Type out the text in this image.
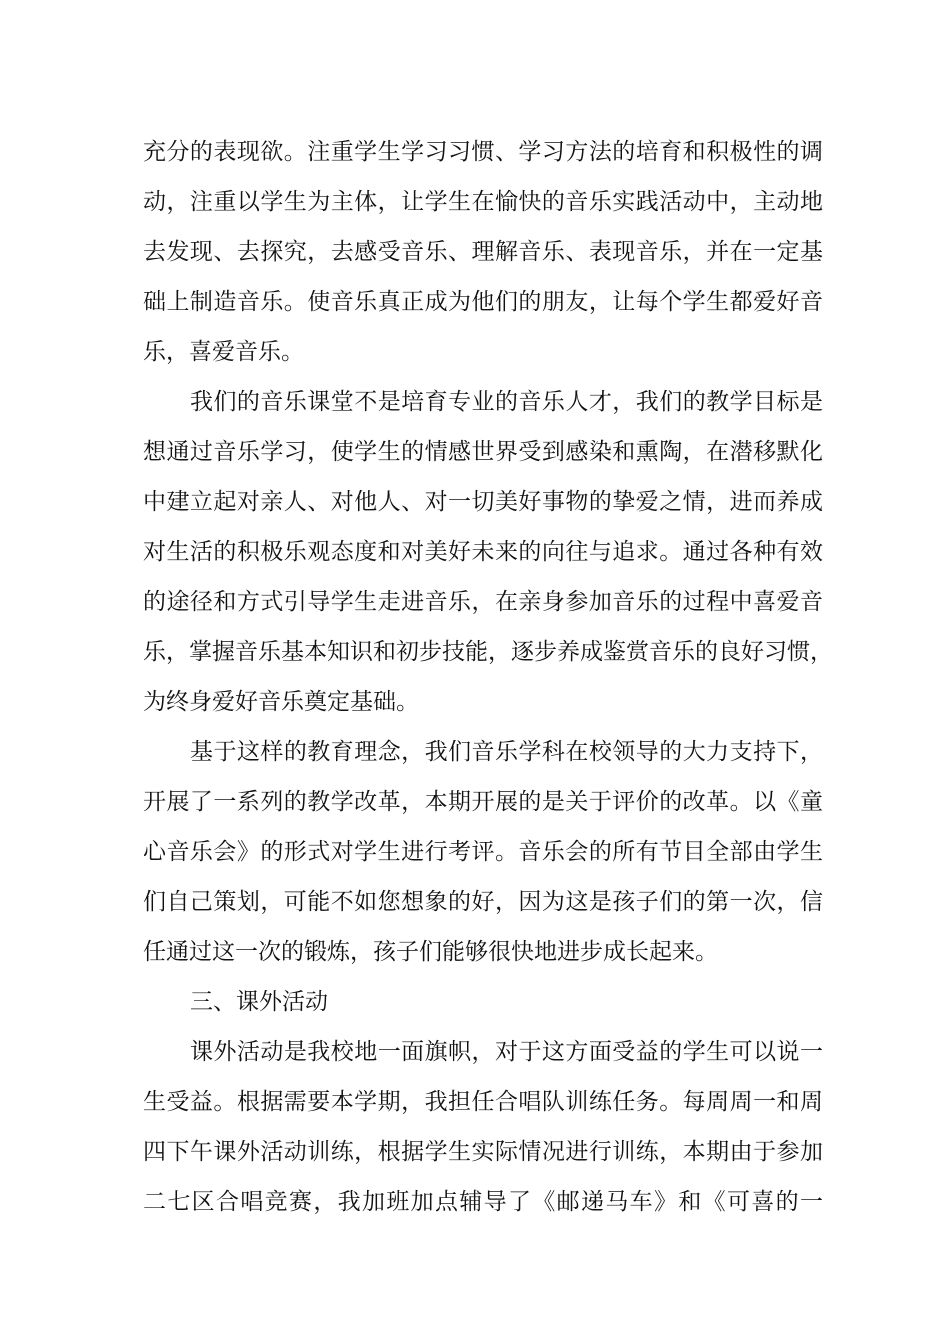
充分的表现欲。注重学生学习习惯、学习方法的培育和积极性的调
动，注重以学生为主体，让学生在愉快的音乐实践活动中，主动地
去发现、去探究，去感受音乐、理解音乐、表现音乐，并在一定基
础上制造音乐。使音乐真正成为他们的朋友，让每个学生都爱好音
乐，喜爱音乐。
我们的音乐课堂不是培育专业的音乐人才，我们的教学目标是
想通过音乐学习，使学生的情感世界受到感染和熏陶，在潜移默化
中建立起对亲人、对他人、对一切美好事物的挚爱之情，进而养成
对生活的积极乐观态度和对美好未来的向往与追求。通过各种有效
的途径和方式引导学生走进音乐，在亲身参加音乐的过程中喜爱音
乐，掌握音乐基本知识和初步技能，逐步养成鉴赏音乐的良好习惯，
为终身爱好音乐奠定基础。
基于这样的教育理念，我们音乐学科在校领导的大力支持下，
开展了一系列的教学改革，本期开展的是关于评价的改革。以《童
心音乐会》的形式对学生进行考评。音乐会的所有节目全部由学生
们自己策划，可能不如您想象的好，因为这是孩子们的第一次，信
任通过这一次的锻炼，孩子们能够很快地进步成长起来。
三、课外活动
课外活动是我校地一面旗帜，对于这方面受益的学生可以说一
生受益。根据需要本学期，我担任合唱队训练任务。每周周一和周
四下午课外活动训练，根据学生实际情况进行训练，本期由于参加
二七区合唱竞赛，我加班加点辅导了《邮递马车》和《可喜的一
